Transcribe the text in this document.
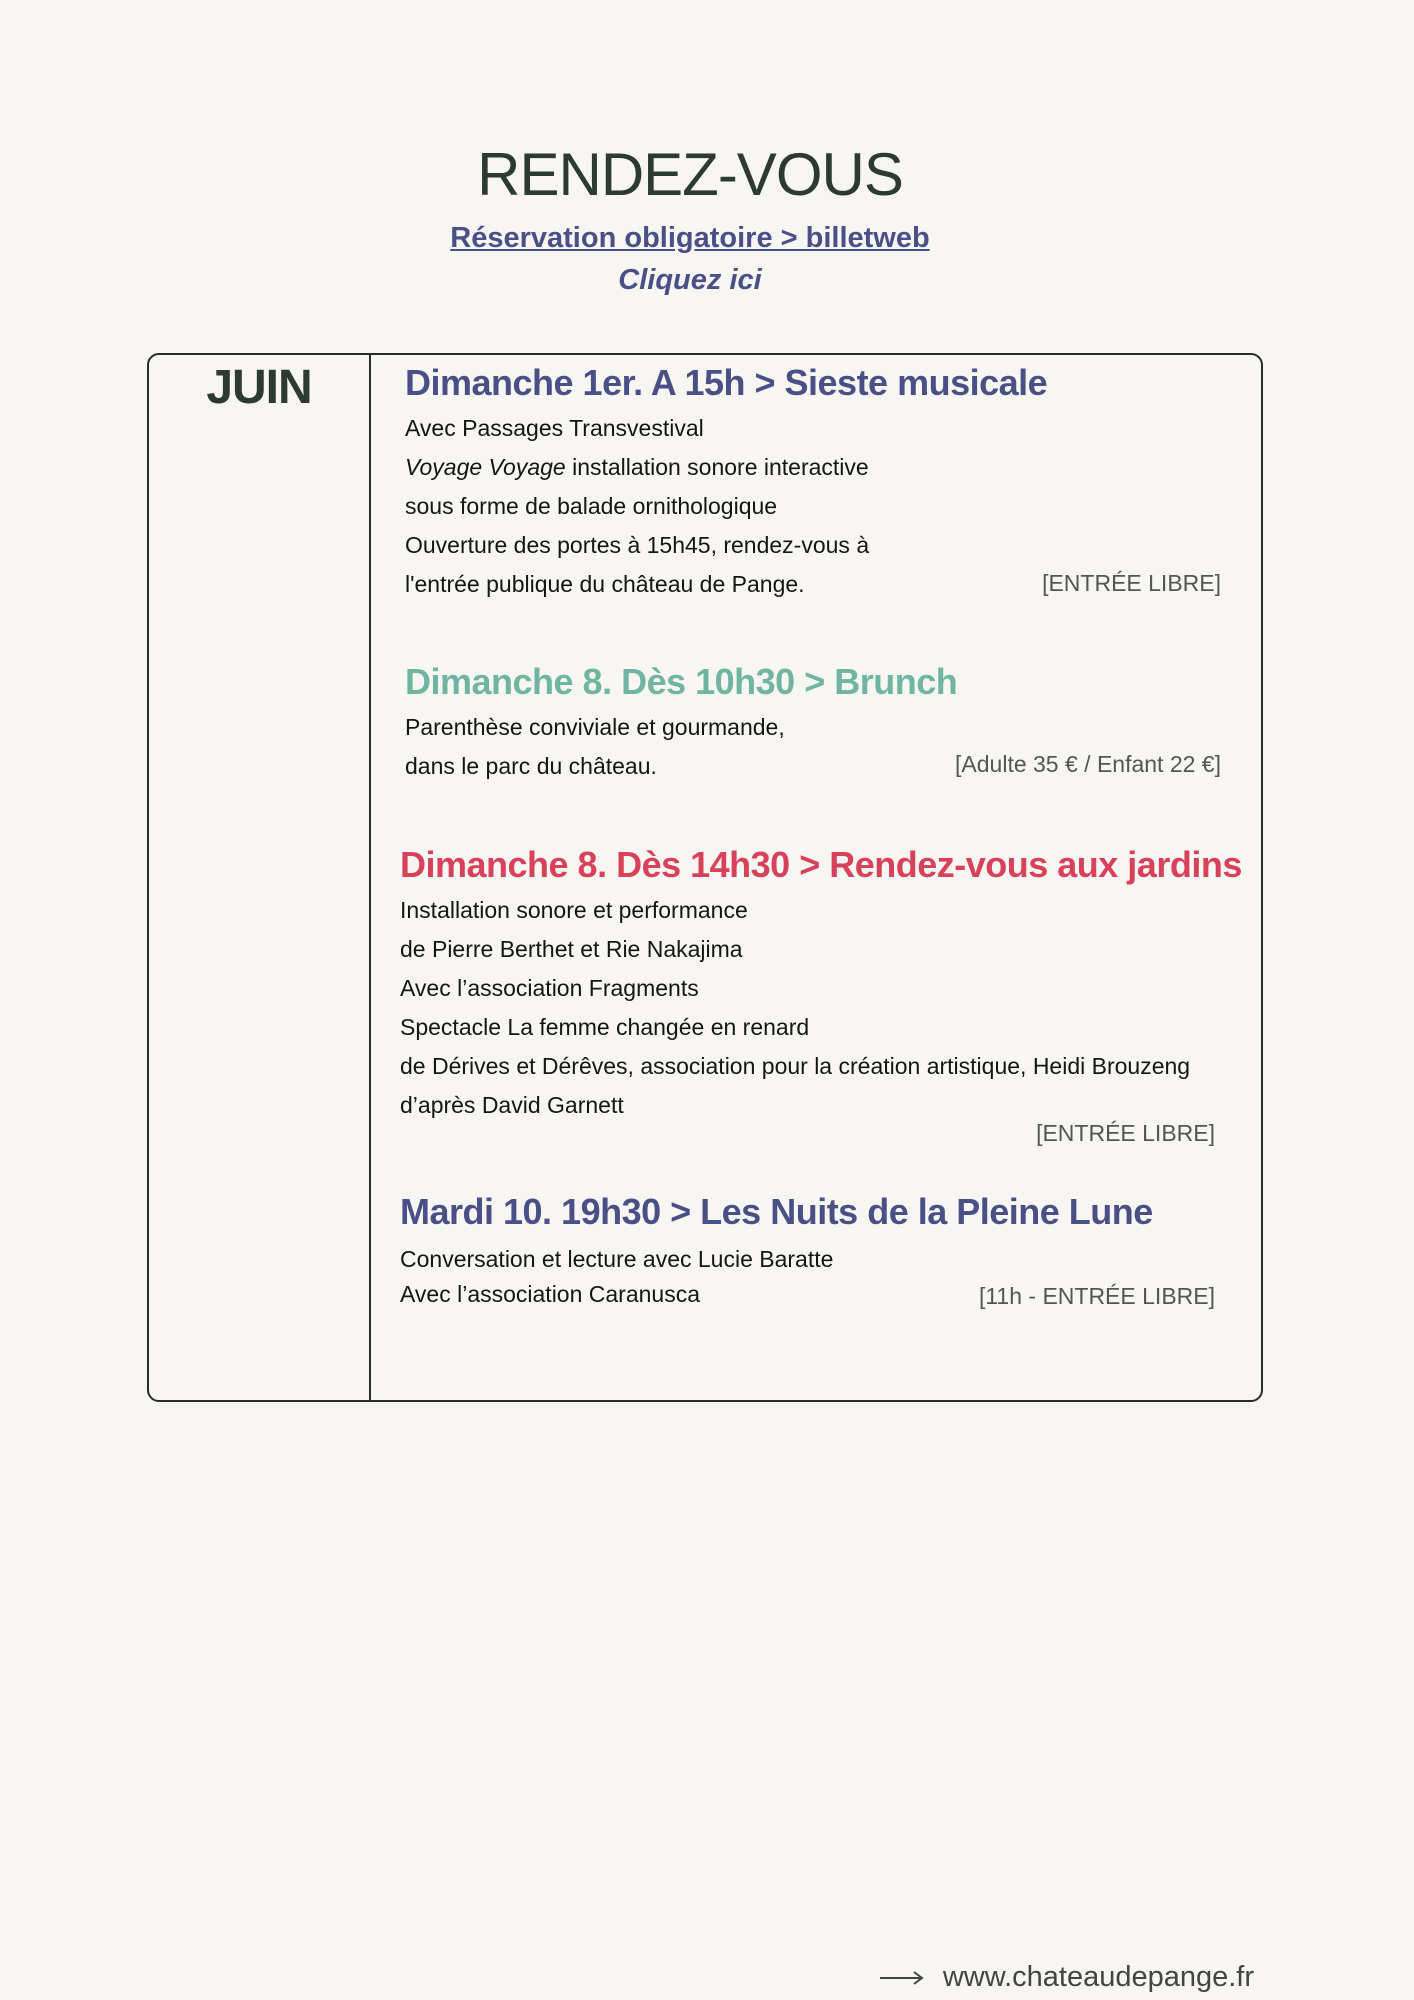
RENDEZ-VOUS
Réservation obligatoire > billetweb
Cliquez ici
JUIN	Dimanche 1er. A 15h > Sieste musicale
Avec Passages Transvestival
Voyage Voyage installation sonore interactive
sous forme de balade ornithologique
Ouverture des portes à 15h45, rendez-vous à
l'entrée publique du château de Pange.	[ENTRÉE LIBRE]
Dimanche 8. Dès 10h30 > Brunch
Parenthèse conviviale et gourmande,
dans le parc du château.	[Adulte 35 € / Enfant 22 €]
Dimanche 8. Dès 14h30 > Rendez-vous aux jardins
Installation sonore et performance
de Pierre Berthet et Rie Nakajima
Avec l’association Fragments
Spectacle La femme changée en renard
de Dérives et Dérêves, association pour la création artistique, Heidi Brouzeng
d’après David Garnett
[ENTRÉE LIBRE]
Mardi 10. 19h30 > Les Nuits de la Pleine Lune
Conversation et lecture avec Lucie Baratte
Avec l’association Caranusca	[11h - ENTRÉE LIBRE]
www.chateaudepange.fr
